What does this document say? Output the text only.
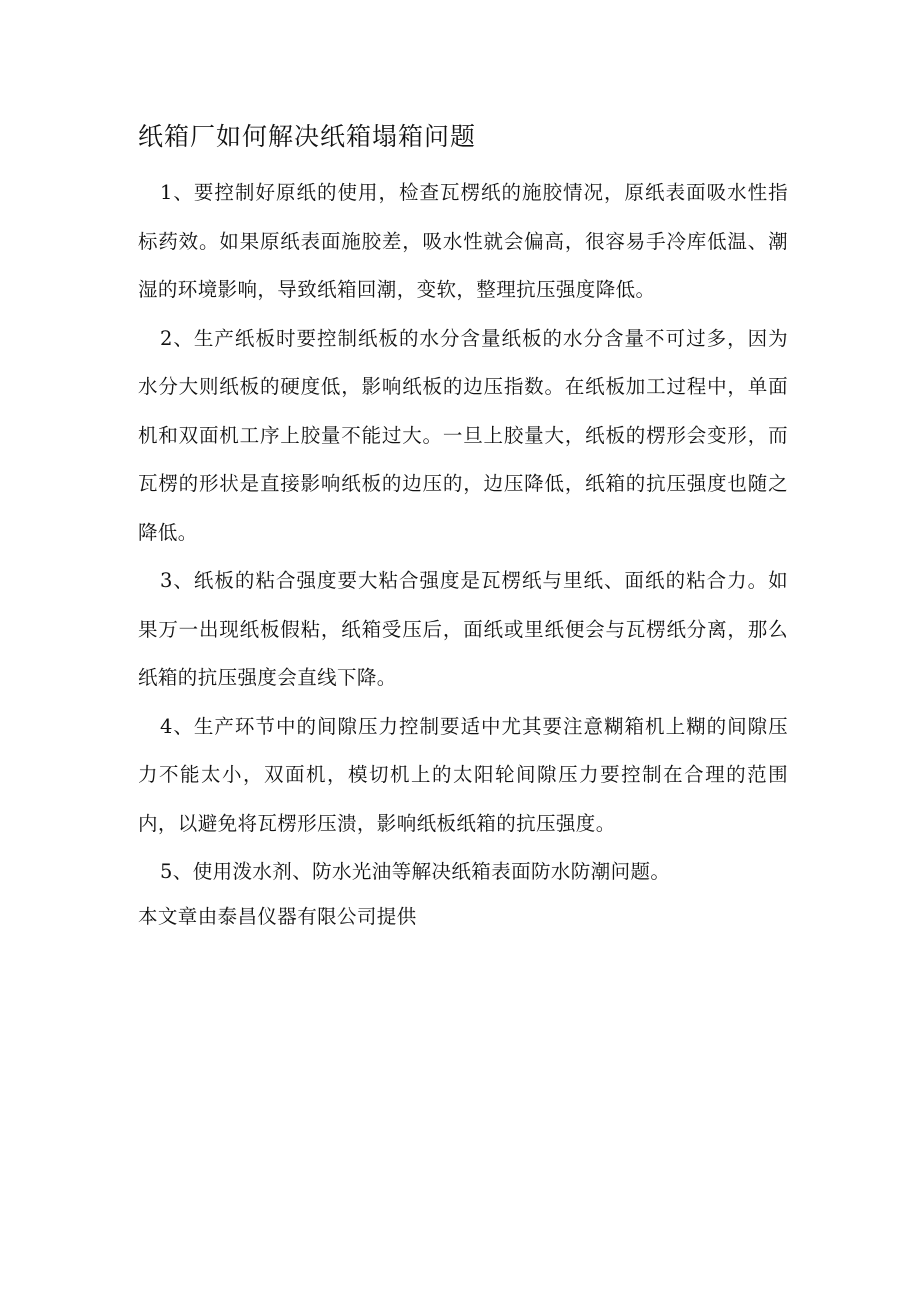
纸箱厂如何解决纸箱塌箱问题

1、要控制好原纸的使用，检查瓦楞纸的施胶情况，原纸表面吸水性指标药效。如果原纸表面施胶差，吸水性就会偏高，很容易手冷库低温、潮湿的环境影响，导致纸箱回潮，变软，整理抗压强度降低。

2、生产纸板时要控制纸板的水分含量纸板的水分含量不可过多，因为水分大则纸板的硬度低，影响纸板的边压指数。在纸板加工过程中，单面机和双面机工序上胶量不能过大。一旦上胶量大，纸板的楞形会变形，而瓦楞的形状是直接影响纸板的边压的，边压降低，纸箱的抗压强度也随之降低。

3、纸板的粘合强度要大粘合强度是瓦楞纸与里纸、面纸的粘合力。如果万一出现纸板假粘，纸箱受压后，面纸或里纸便会与瓦楞纸分离，那么纸箱的抗压强度会直线下降。

4、生产环节中的间隙压力控制要适中尤其要注意糊箱机上糊的间隙压力不能太小，双面机，模切机上的太阳轮间隙压力要控制在合理的范围内，以避免将瓦楞形压溃，影响纸板纸箱的抗压强度。

5、使用泼水剂、防水光油等解决纸箱表面防水防潮问题。

本文章由泰昌仪器有限公司提供
